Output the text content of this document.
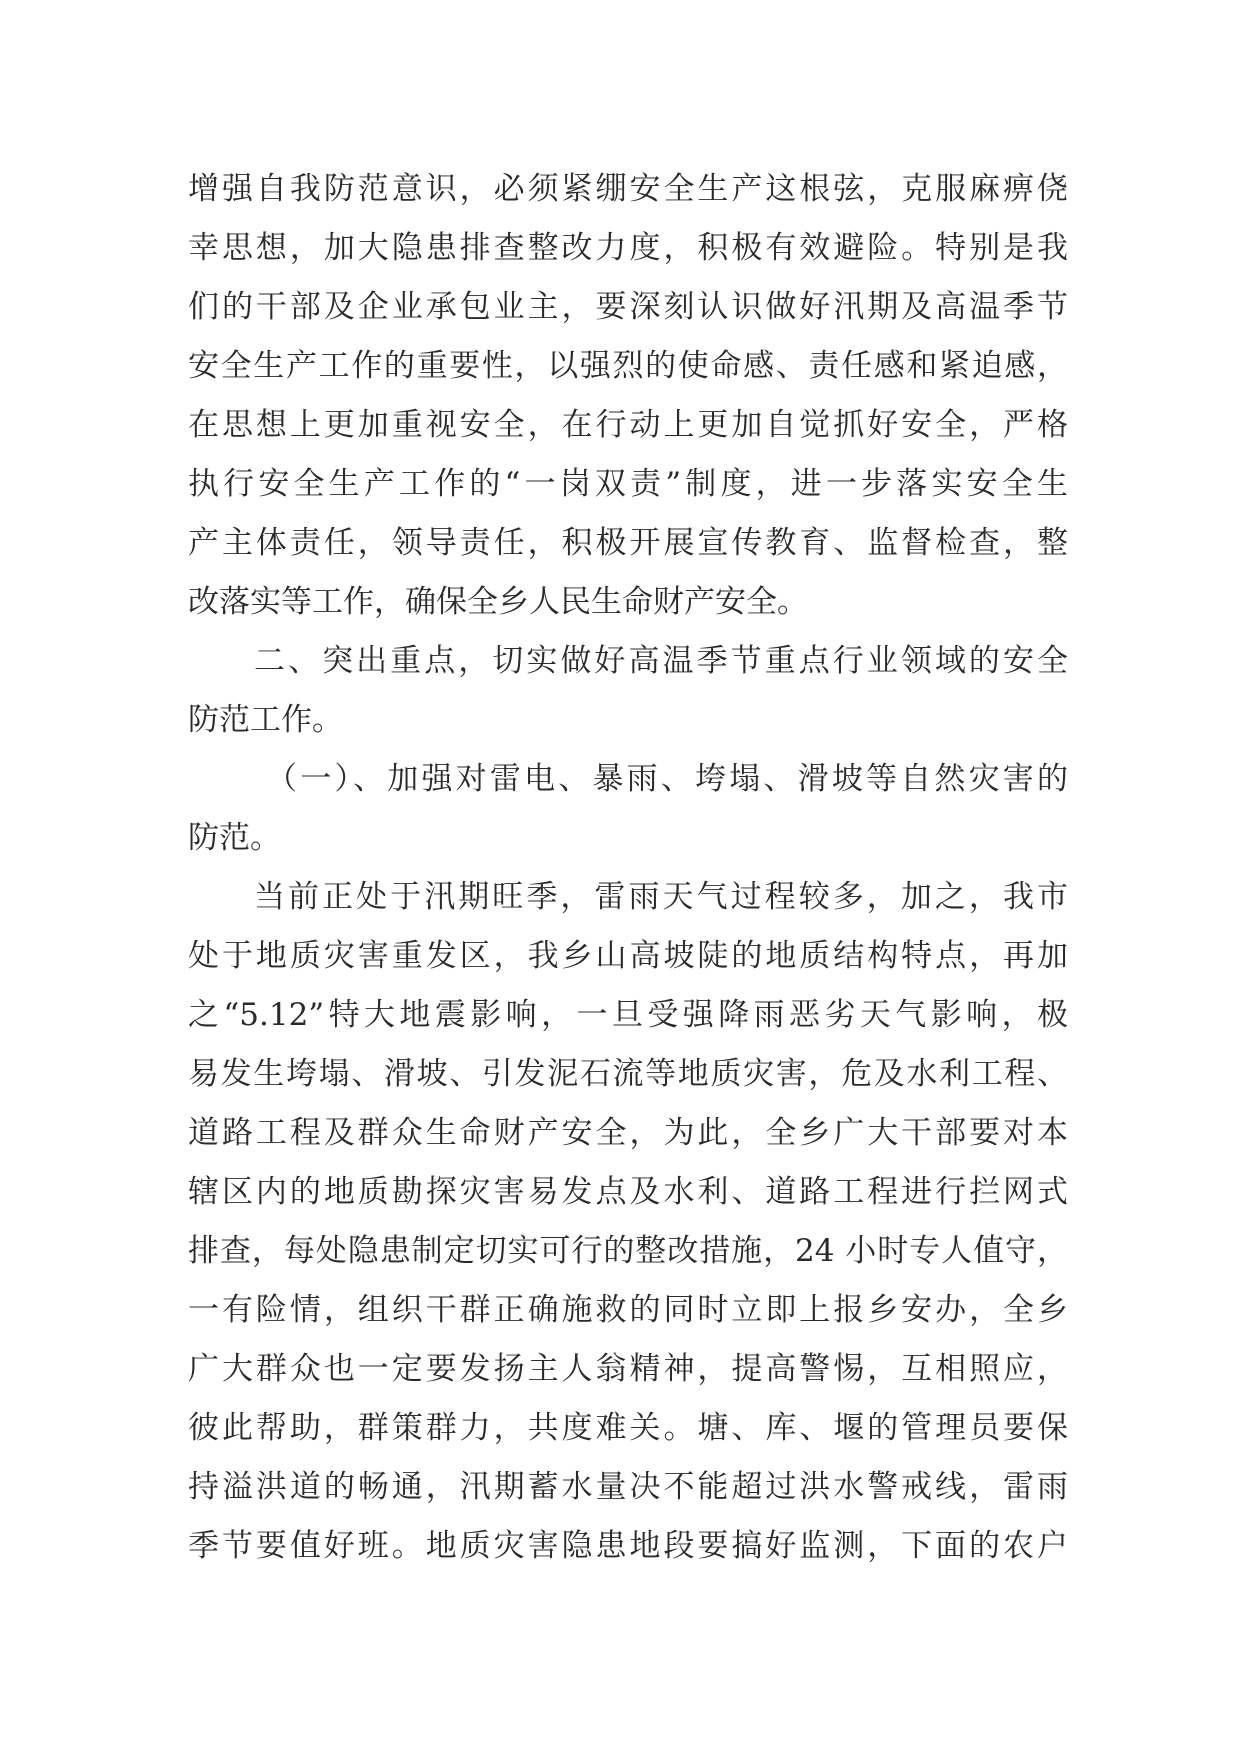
增强自我防范意识，必须紧绷安全生产这根弦，克服麻痹侥
幸思想，加大隐患排查整改力度，积极有效避险。特别是我
们的干部及企业承包业主，要深刻认识做好汛期及高温季节
安全生产工作的重要性，以强烈的使命感、责任感和紧迫感，
在思想上更加重视安全，在行动上更加自觉抓好安全，严格
执行安全生产工作的“一岗双责”制度，进一步落实安全生
产主体责任，领导责任，积极开展宣传教育、监督检查，整
改落实等工作，确保全乡人民生命财产安全。
二、突出重点，切实做好高温季节重点行业领域的安全
防范工作。
（一）、加强对雷电、暴雨、垮塌、滑坡等自然灾害的
防范。
当前正处于汛期旺季，雷雨天气过程较多，加之，我市
处于地质灾害重发区，我乡山高坡陡的地质结构特点，再加
之“5.12”特大地震影响，一旦受强降雨恶劣天气影响，极
易发生垮塌、滑坡、引发泥石流等地质灾害，危及水利工程、
道路工程及群众生命财产安全，为此，全乡广大干部要对本
辖区内的地质勘探灾害易发点及水利、道路工程进行拦网式
排查，每处隐患制定切实可行的整改措施，24 小时专人值守，
一有险情，组织干群正确施救的同时立即上报乡安办，全乡
广大群众也一定要发扬主人翁精神，提高警惕，互相照应，
彼此帮助，群策群力，共度难关。塘、库、堰的管理员要保
持溢洪道的畅通，汛期蓄水量决不能超过洪水警戒线，雷雨
季节要值好班。地质灾害隐患地段要搞好监测，下面的农户
